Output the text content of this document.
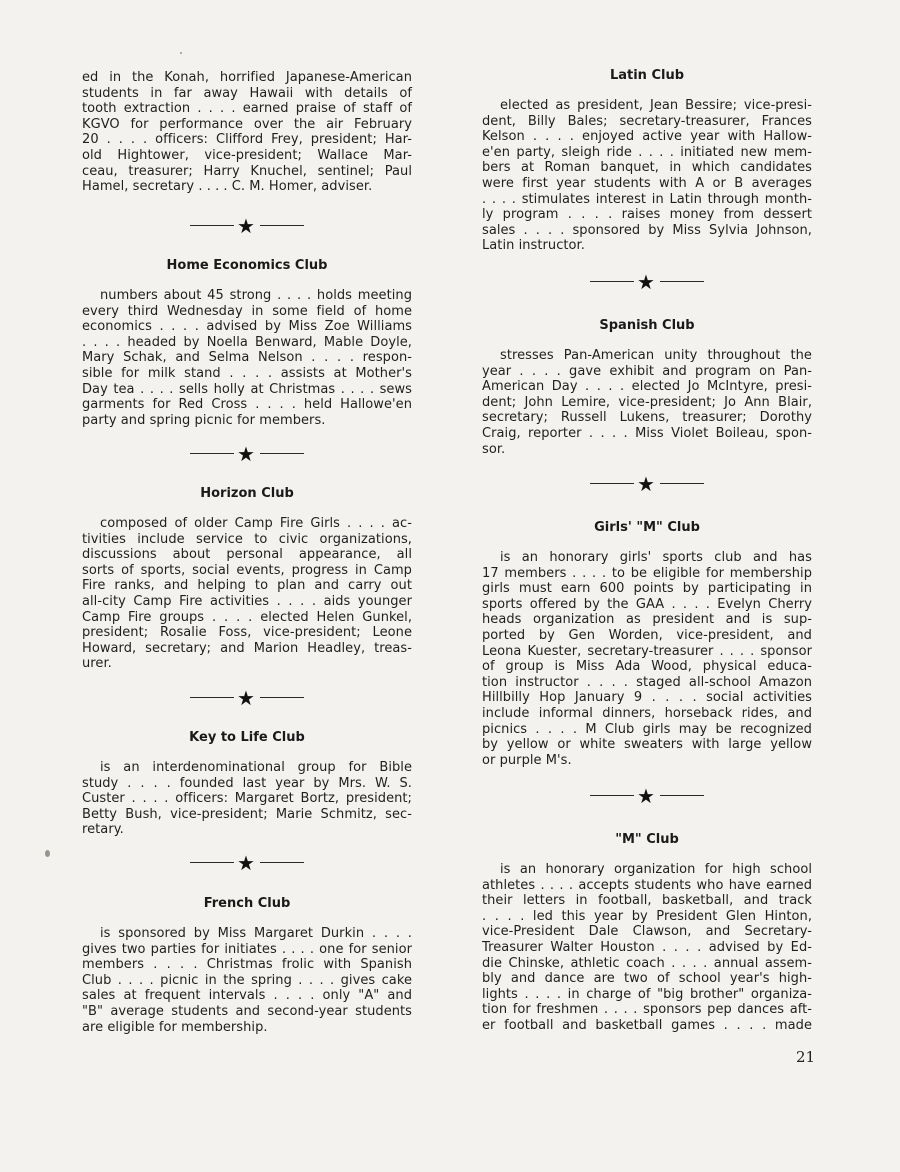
ed in the Konah, horrified Japanese-American
students in far away Hawaii with details of
tooth extraction . . . . earned praise of staff of
KGVO for performance over the air February
20 . . . . officers: Clifford Frey, president; Har-
old Hightower, vice-president; Wallace Mar-
ceau, treasurer; Harry Knuchel, sentinel; Paul
Hamel, secretary . . . . C. M. Homer, adviser.

★
Home Economics Club

numbers about 45 strong . . . . holds meeting
every third Wednesday in some field of home
economics . . . . advised by Miss Zoe Williams
. . . . headed by Noella Benward, Mable Doyle,
Mary Schak, and Selma Nelson . . . . respon-
sible for milk stand . . . . assists at Mother's
Day tea . . . . sells holly at Christmas . . . . sews
garments for Red Cross . . . . held Hallowe'en
party and spring picnic for members.

★
Horizon Club

composed of older Camp Fire Girls . . . . ac-
tivities include service to civic organizations,
discussions about personal appearance, all
sorts of sports, social events, progress in Camp
Fire ranks, and helping to plan and carry out
all-city Camp Fire activities . . . . aids younger
Camp Fire groups . . . . elected Helen Gunkel,
president; Rosalie Foss, vice-president; Leone
Howard, secretary; and Marion Headley, treas-
urer.

★
Key to Life Club

is an interdenominational group for Bible
study . . . . founded last year by Mrs. W. S.
Custer . . . . officers: Margaret Bortz, president;
Betty Bush, vice-president; Marie Schmitz, sec-
retary.

★
French Club

is sponsored by Miss Margaret Durkin . . . .
gives two parties for initiates . . . . one for senior
members . . . . Christmas frolic with Spanish
Club . . . . picnic in the spring . . . . gives cake
sales at frequent intervals . . . . only "A" and
"B" average students and second-year students
are eligible for membership.

Latin Club

elected as president, Jean Bessire; vice-presi-
dent, Billy Bales; secretary-treasurer, Frances
Kelson . . . . enjoyed active year with Hallow-
e'en party, sleigh ride . . . . initiated new mem-
bers at Roman banquet, in which candidates
were first year students with A or B averages
. . . . stimulates interest in Latin through month-
ly program . . . . raises money from dessert
sales . . . . sponsored by Miss Sylvia Johnson,
Latin instructor.

★
Spanish Club

stresses Pan-American unity throughout the
year . . . . gave exhibit and program on Pan-
American Day . . . . elected Jo McIntyre, presi-
dent; John Lemire, vice-president; Jo Ann Blair,
secretary; Russell Lukens, treasurer; Dorothy
Craig, reporter . . . . Miss Violet Boileau, spon-
sor.

★
Girls' "M" Club

is an honorary girls' sports club and has
17 members . . . . to be eligible for membership
girls must earn 600 points by participating in
sports offered by the GAA . . . . Evelyn Cherry
heads organization as president and is sup-
ported by Gen Worden, vice-president, and
Leona Kuester, secretary-treasurer . . . . sponsor
of group is Miss Ada Wood, physical educa-
tion instructor . . . . staged all-school Amazon
Hillbilly Hop January 9 . . . . social activities
include informal dinners, horseback rides, and
picnics . . . . M Club girls may be recognized
by yellow or white sweaters with large yellow
or purple M's.

★
"M" Club

is an honorary organization for high school
athletes . . . . accepts students who have earned
their letters in football, basketball, and track
. . . . led this year by President Glen Hinton,
vice-President Dale Clawson, and Secretary-
Treasurer Walter Houston . . . . advised by Ed-
die Chinske, athletic coach . . . . annual assem-
bly and dance are two of school year's high-
lights . . . . in charge of "big brother" organiza-
tion for freshmen . . . . sponsors pep dances aft-
er football and basketball games . . . . made

21
